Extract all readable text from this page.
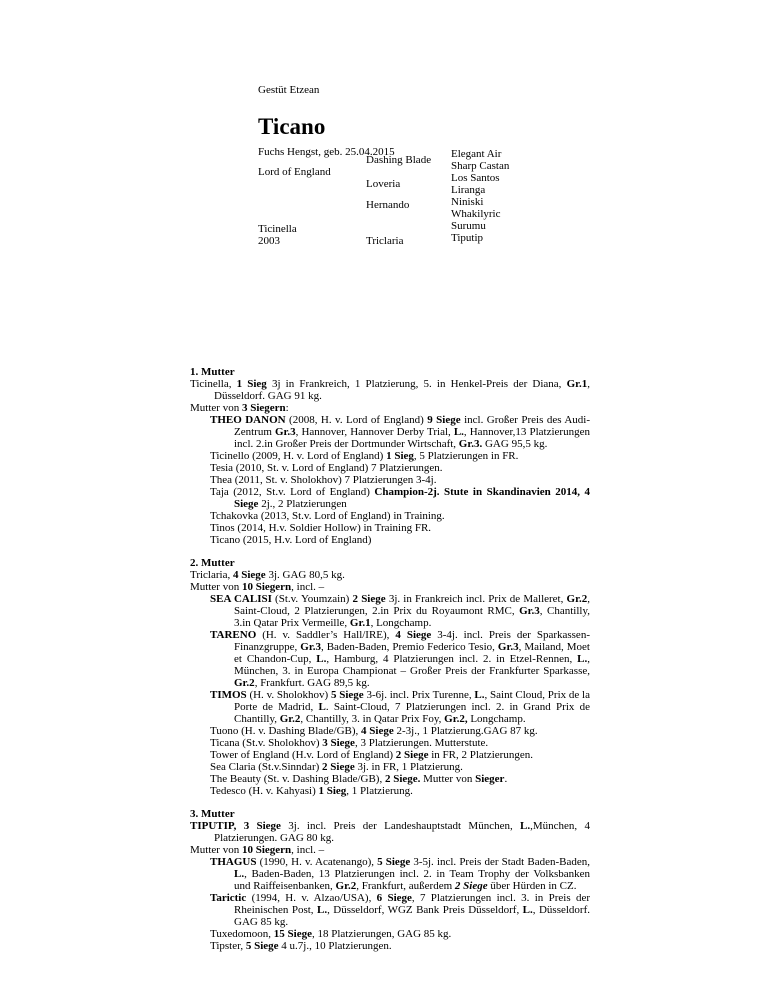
Gestüt Etzean
Ticano
Fuchs Hengst, geb. 25.04.2015
Lord of England
Ticinella
2003
Dashing Blade
Loveria
Hernando
Triclaria
Elegant Air
Sharp Castan
Los Santos
Liranga
Niniski
Whakilyric
Surumu
Tiputip
1. Mutter

Ticinella, 1 Sieg 3j in Frankreich, 1 Platzierung, 5. in Henkel-Preis der Diana, Gr.1, Düsseldorf. GAG 91 kg.

Mutter von 3 Siegern:

THEO DANON (2008, H. v. Lord of England) 9 Siege incl. Großer Preis des Audi-Zentrum Gr.3, Hannover, Hannover Derby Trial, L., Hannover,13 Platzierungen incl. 2.in Großer Preis der Dortmunder Wirtschaft, Gr.3. GAG 95,5 kg.

Ticinello (2009, H. v. Lord of England) 1 Sieg, 5 Platzierungen in FR.

Tesia (2010, St. v. Lord of England) 7 Platzierungen.

Thea (2011, St. v. Sholokhov) 7 Platzierungen 3-4j.

Taja (2012, St.v. Lord of England) Champion-2j. Stute in Skandinavien 2014, 4 Siege 2j., 2 Platzierungen

Tchakovka (2013, St.v. Lord of England) in Training.

Tinos (2014, H.v. Soldier Hollow) in Training FR.

Ticano (2015, H.v. Lord of England)

2. Mutter

Triclaria, 4 Siege 3j. GAG 80,5 kg.

Mutter von 10 Siegern, incl. –

SEA CALISI (St.v. Youmzain) 2 Siege 3j. in Frankreich incl. Prix de Malleret, Gr.2, Saint-Cloud, 2 Platzierungen, 2.in Prix du Royaumont RMC, Gr.3, Chantilly, 3.in Qatar Prix Vermeille, Gr.1, Longchamp.

TARENO (H. v. Saddler’s Hall/IRE), 4 Siege 3-4j. incl. Preis der Sparkassen-Finanzgruppe, Gr.3, Baden-Baden, Premio Federico Tesio, Gr.3, Mailand, Moet et Chandon-Cup, L., Hamburg, 4 Platzierungen incl. 2. in Etzel-Rennen, L., München, 3. in Europa Championat – Großer Preis der Frankfurter Sparkasse, Gr.2, Frankfurt. GAG 89,5 kg.

TIMOS (H. v. Sholokhov) 5 Siege 3-6j. incl. Prix Turenne, L., Saint Cloud, Prix de la Porte de Madrid, L. Saint-Cloud, 7 Platzierungen incl. 2. in Grand Prix de Chantilly, Gr.2, Chantilly, 3. in Qatar Prix Foy, Gr.2, Longchamp.

Tuono (H. v. Dashing Blade/GB), 4 Siege 2-3j., 1 Platzierung.GAG 87 kg.

Ticana (St.v. Sholokhov) 3 Siege, 3 Platzierungen. Mutterstute.

Tower of England (H.v. Lord of England) 2 Siege in FR, 2 Platzierungen.

Sea Claria (St.v.Sinndar) 2 Siege 3j. in FR, 1 Platzierung.

The Beauty (St. v. Dashing Blade/GB), 2 Siege. Mutter von Sieger.

Tedesco (H. v. Kahyasi) 1 Sieg, 1 Platzierung.

3. Mutter

TIPUTIP, 3 Siege 3j. incl. Preis der Landeshauptstadt München, L.,München, 4 Platzierungen. GAG 80 kg.

Mutter von 10 Siegern, incl. –

THAGUS (1990, H. v. Acatenango), 5 Siege 3-5j. incl. Preis der Stadt Baden-Baden, L., Baden-Baden, 13 Platzierungen incl. 2. in Team Trophy der Volksbanken und Raiffeisenbanken, Gr.2, Frankfurt, außerdem 2 Siege über Hürden in CZ.

Tarictic (1994, H. v. Alzao/USA), 6 Siege, 7 Platzierungen incl. 3. in Preis der Rheinischen Post, L., Düsseldorf, WGZ Bank Preis Düsseldorf, L., Düsseldorf. GAG 85 kg.

Tuxedomoon, 15 Siege, 18 Platzierungen, GAG 85 kg.

Tipster, 5 Siege 4 u.7j., 10 Platzierungen.
